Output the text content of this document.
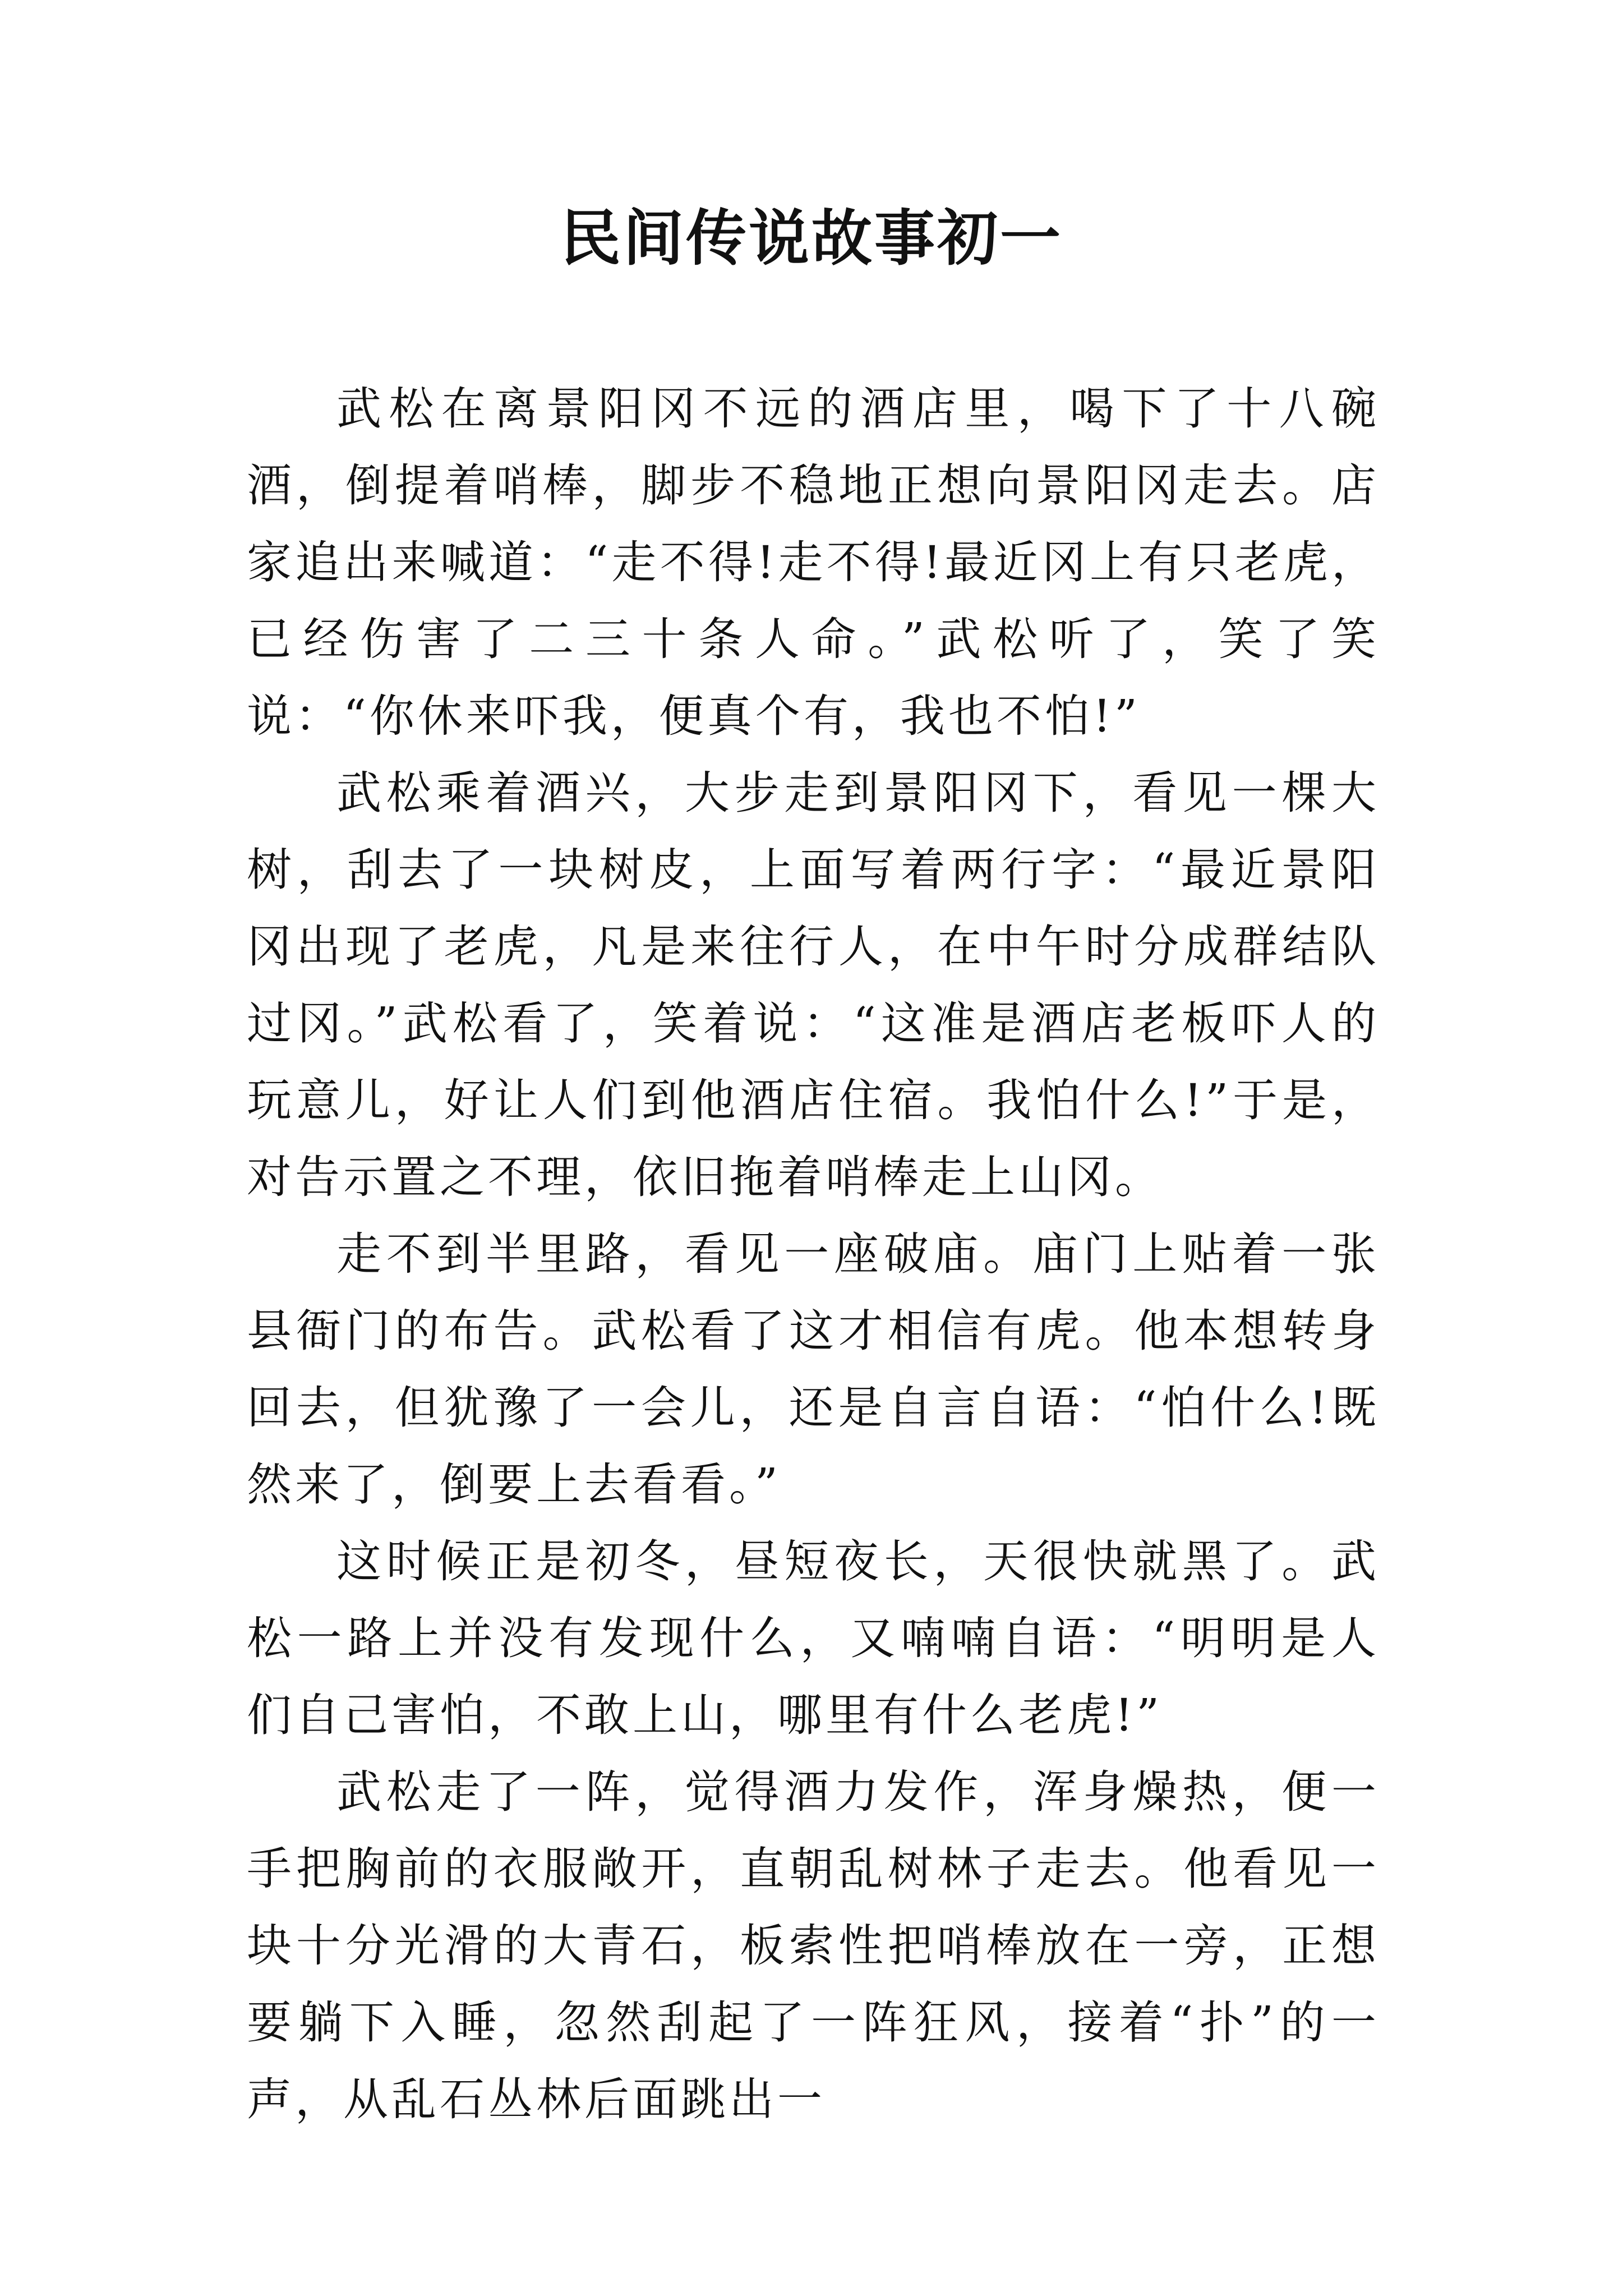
民间传说故事初一

武松在离景阳冈不远的酒店里，喝下了十八碗酒，倒提着哨棒，脚步不稳地正想向景阳冈走去。店家追出来喊道：“走不得!走不得!最近冈上有只老虎，已经伤害了二三十条人命。”武松听了，笑了笑说：“你休来吓我，便真个有，我也不怕!”

武松乘着酒兴，大步走到景阳冈下，看见一棵大树，刮去了一块树皮，上面写着两行字：“最近景阳冈出现了老虎，凡是来往行人，在中午时分成群结队过冈。”武松看了，笑着说：“这准是酒店老板吓人的玩意儿，好让人们到他酒店住宿。我怕什么!”于是，对告示置之不理，依旧拖着哨棒走上山冈。

走不到半里路，看见一座破庙。庙门上贴着一张县衙门的布告。武松看了这才相信有虎。他本想转身回去，但犹豫了一会儿，还是自言自语：“怕什么!既然来了，倒要上去看看。”

这时候正是初冬，昼短夜长，天很快就黑了。武松一路上并没有发现什么，又喃喃自语：“明明是人们自己害怕，不敢上山，哪里有什么老虎!”

武松走了一阵，觉得酒力发作，浑身燥热，便一手把胸前的衣服敞开，直朝乱树林子走去。他看见一块十分光滑的大青石，板索性把哨棒放在一旁，正想要躺下入睡，忽然刮起了一阵狂风，接着“扑”的一声，从乱石丛林后面跳出一
